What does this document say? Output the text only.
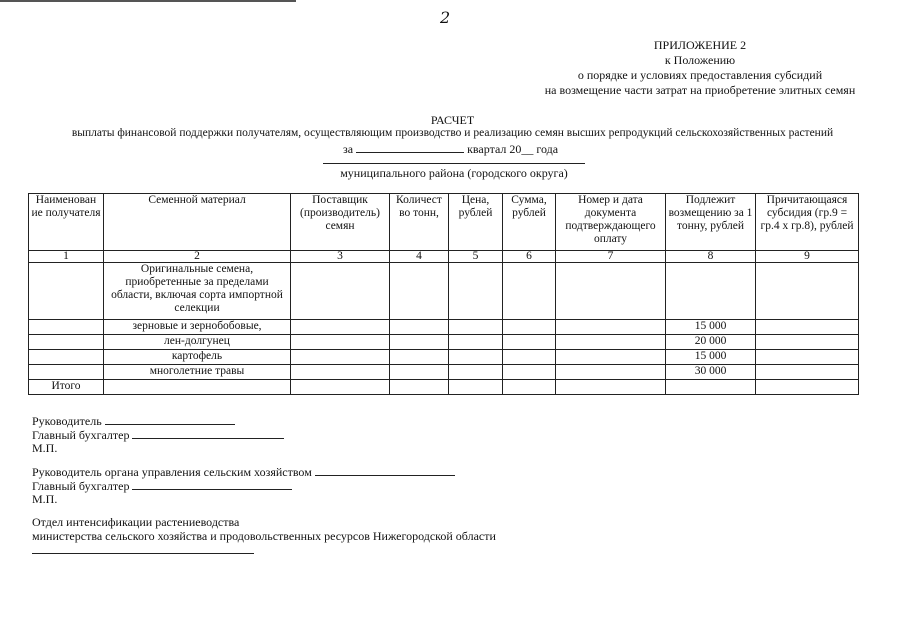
2
ПРИЛОЖЕНИЕ 2
к Положению
о порядке и условиях предоставления субсидий
на возмещение части затрат на приобретение элитных семян
РАСЧЕТ
выплаты финансовой поддержки получателям, осуществляющим производство и реализацию семян высших репродукций сельскохозяйственных растений
за	квартал 20__ года
муниципального района (городского округа)
Наименован ие получателя	Семенной материал	Поставщик (производитель) семян	Количест во тонн,	Цена, рублей	Сумма, рублей	Номер и дата документа подтверждающего оплату	Подлежит возмещению за 1 тонну, рублей	Причитающаяся субсидия (гр.9 = гр.4 х гр.8), рублей
1	2	3	4	5	6	7	8	9
	Оригинальные семена, приобретенные за пределами области, включая сорта импортной селекции							
	зерновые и зернобобовые,						15 000	
	лен-долгунец						20 000	
	картофель						15 000	
	многолетние травы						30 000	
Итого								
Руководитель
Главный бухгалтер
М.П.
Руководитель органа управления сельским хозяйством
Главный бухгалтер
М.П.
Отдел интенсификации растениеводства
министерства сельского хозяйства и продовольственных ресурсов Нижегородской области
